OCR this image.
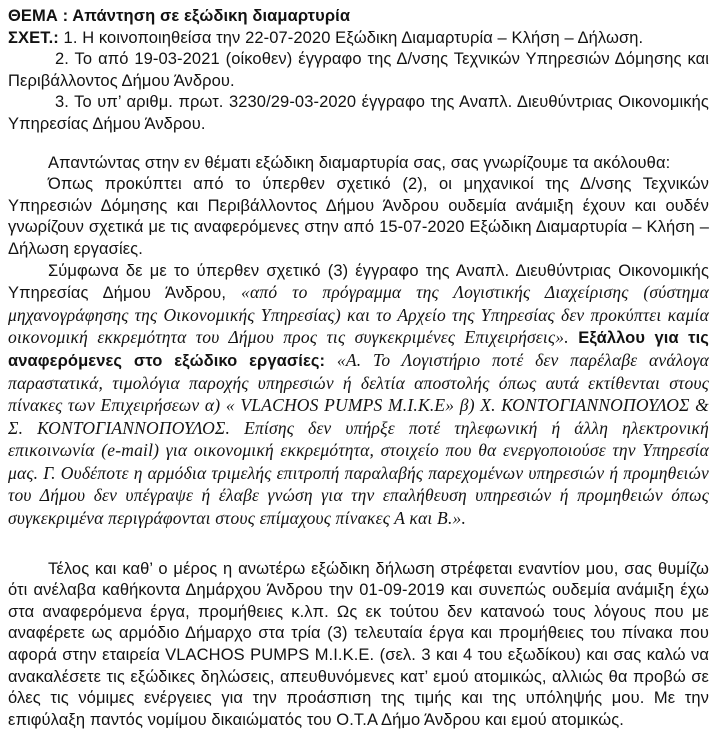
ΘΕΜΑ : Απάντηση σε εξώδικη διαμαρτυρία

ΣΧΕΤ.: 1. Η κοινοποιηθείσα την 22-07-2020 Εξώδικη Διαμαρτυρία – Κλήση – Δήλωση.

2. Το από 19-03-2021 (οίκοθεν) έγγραφο της Δ/νσης Τεχνικών Υπηρεσιών Δόμησης και Περιβάλλοντος Δήμου Άνδρου.

3. Το υπ’ αριθμ. πρωτ. 3230/29-03-2020 έγγραφο της Αναπλ. Διευθύντριας Οικονομικής Υπηρεσίας Δήμου Άνδρου.

Απαντώντας στην εν θέματι εξώδικη διαμαρτυρία σας, σας γνωρίζουμε τα ακόλουθα:

Όπως προκύπτει από το ύπερθεν σχετικό (2), οι μηχανικοί της Δ/νσης Τεχνικών Υπηρεσιών Δόμησης και Περιβάλλοντος Δήμου Άνδρου ουδεμία ανάμιξη έχουν και ουδέν γνωρίζουν σχετικά με τις αναφερόμενες στην από 15-07-2020 Εξώδικη Διαμαρτυρία – Κλήση – Δήλωση εργασίες.

Σύμφωνα δε με το ύπερθεν σχετικό (3) έγγραφο της Αναπλ. Διευθύντριας Οικονομικής Υπηρεσίας Δήμου Άνδρου, «από το πρόγραμμα της Λογιστικής Διαχείρισης (σύστημα μηχανογράφησης της Οικονομικής Υπηρεσίας) και το Αρχείο της Υπηρεσίας δεν προκύπτει καμία οικονομική εκκρεμότητα του Δήμου προς τις συγκεκριμένες Επιχειρήσεις». Εξάλλου για τις αναφερόμενες στο εξώδικο εργασίες: «Α. Το Λογιστήριο ποτέ δεν παρέλαβε ανάλογα παραστατικά, τιμολόγια παροχής υπηρεσιών ή δελτία αποστολής όπως αυτά εκτίθενται στους πίνακες των Επιχειρήσεων α) « VLACHOS PUMPS M.I.K.E» β) Χ. ΚΟΝΤΟΓΙΑΝΝΟΠΟΥΛΟΣ & Σ. ΚΟΝΤΟΓΙΑΝΝΟΠΟΥΛΟΣ. Επίσης δεν υπήρξε ποτέ τηλεφωνική ή άλλη ηλεκτρονική επικοινωνία (e-mail) για οικονομική εκκρεμότητα, στοιχείο που θα ενεργοποιούσε την Υπηρεσία μας. Γ. Ουδέποτε η αρμόδια τριμελής επιτροπή παραλαβής παρεχομένων υπηρεσιών ή προμηθειών του Δήμου δεν υπέγραψε ή έλαβε γνώση για την επαλήθευση υπηρεσιών ή προμηθειών όπως συγκεκριμένα περιγράφονται στους επίμαχους πίνακες Α και Β.».

Τέλος και καθ’ ο μέρος η ανωτέρω εξώδικη δήλωση στρέφεται εναντίον μου, σας θυμίζω ότι ανέλαβα καθήκοντα Δημάρχου Άνδρου την 01-09-2019 και συνεπώς ουδεμία ανάμιξη έχω στα αναφερόμενα έργα, προμήθειες κ.λπ. Ως εκ τούτου δεν κατανοώ τους λόγους που με αναφέρετε ως αρμόδιο Δήμαρχο στα τρία (3) τελευταία έργα και προμήθειες του πίνακα που αφορά στην εταιρεία VLACHOS PUMPS M.I.K.E. (σελ. 3 και 4 του εξωδίκου) και σας καλώ να ανακαλέσετε τις εξώδικες δηλώσεις, απευθυνόμενες κατ’ εμού ατομικώς, αλλιώς θα προβώ σε όλες τις νόμιμες ενέργειες για την προάσπιση της τιμής και της υπόληψής μου. Με την επιφύλαξη παντός νομίμου δικαιώματός του Ο.Τ.Α Δήμο Άνδρου και εμού ατομικώς.
